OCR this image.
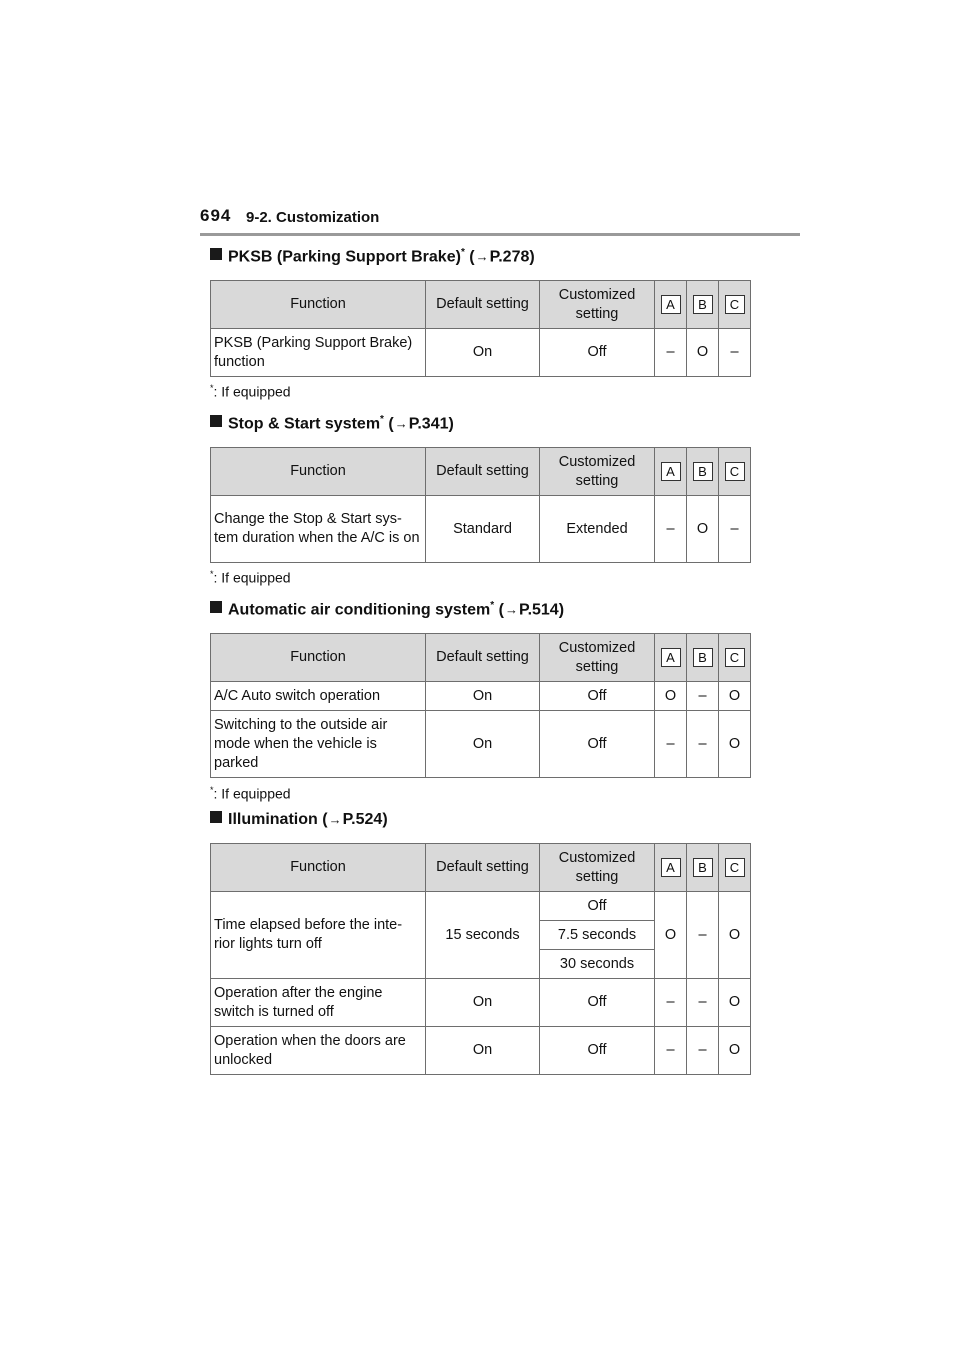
694 9-2. Customization
PKSB (Parking Support Brake)* (→P.278)
Function	Default setting	Customized setting	A	B	C
PKSB (Parking Support Brake) function	On	Off	–	O	–
*: If equipped
Stop & Start system* (→P.341)
Function	Default setting	Customized setting	A	B	C
Change the Stop & Start sys-tem duration when the A/C is on	Standard	Extended	–	O	–
*: If equipped
Automatic air conditioning system* (→P.514)
Function	Default setting	Customized setting	A	B	C
A/C Auto switch operation	On	Off	O	–	O
Switching to the outside air mode when the vehicle is parked	On	Off	–	–	O
*: If equipped
Illumination (→P.524)
Function	Default setting	Customized setting	A	B	C
Time elapsed before the inte-rior lights turn off	15 seconds	Off	O	–	O
		7.5 seconds			
		30 seconds			
Operation after the engine switch is turned off	On	Off	–	–	O
Operation when the doors are unlocked	On	Off	–	–	O
